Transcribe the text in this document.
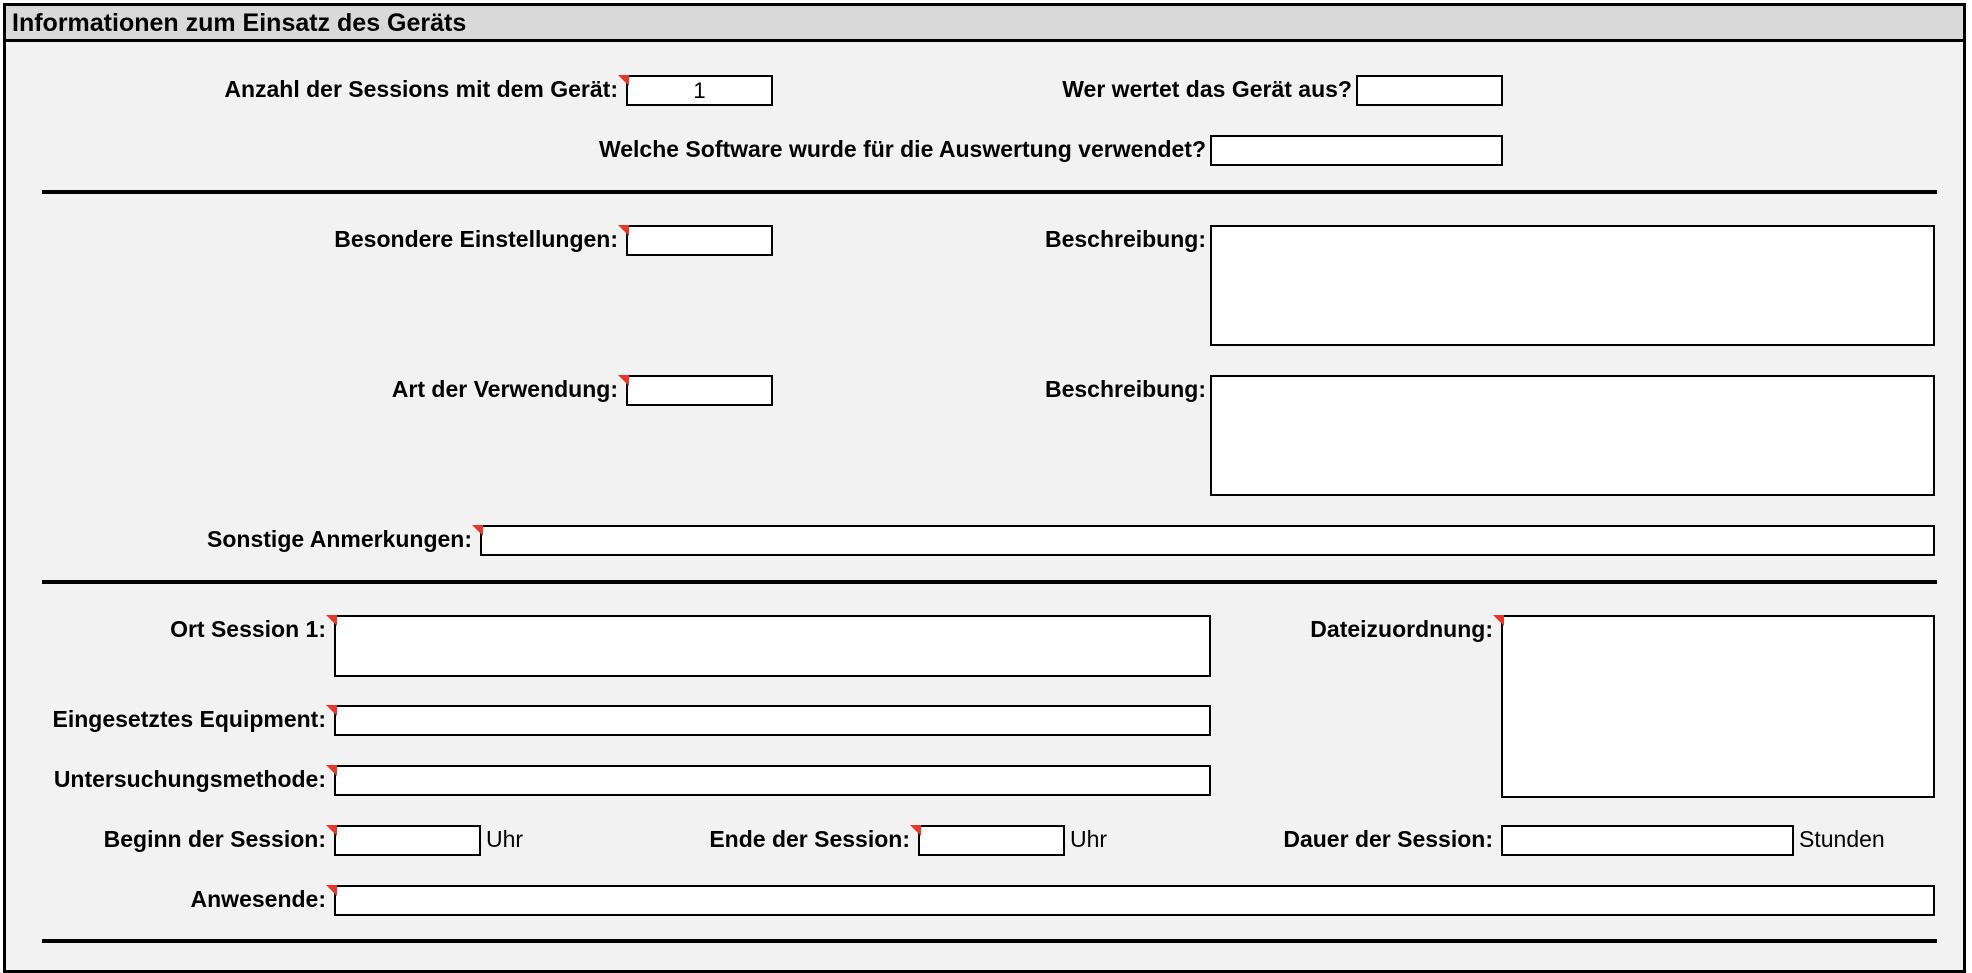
Informationen zum Einsatz des Geräts
Anzahl der Sessions mit dem Gerät:
1	Wer wertet das Gerät aus?
Welche Software wurde für die Auswertung verwendet?
Besondere Einstellungen:	Beschreibung:
Art der Verwendung:	Beschreibung:
Sonstige Anmerkungen:
Ort Session 1:	Dateizuordnung:
Eingesetztes Equipment:
Untersuchungsmethode:
Beginn der Session:	Uhr	Ende der Session:	Uhr	Dauer der Session:	Stunden
Anwesende:
